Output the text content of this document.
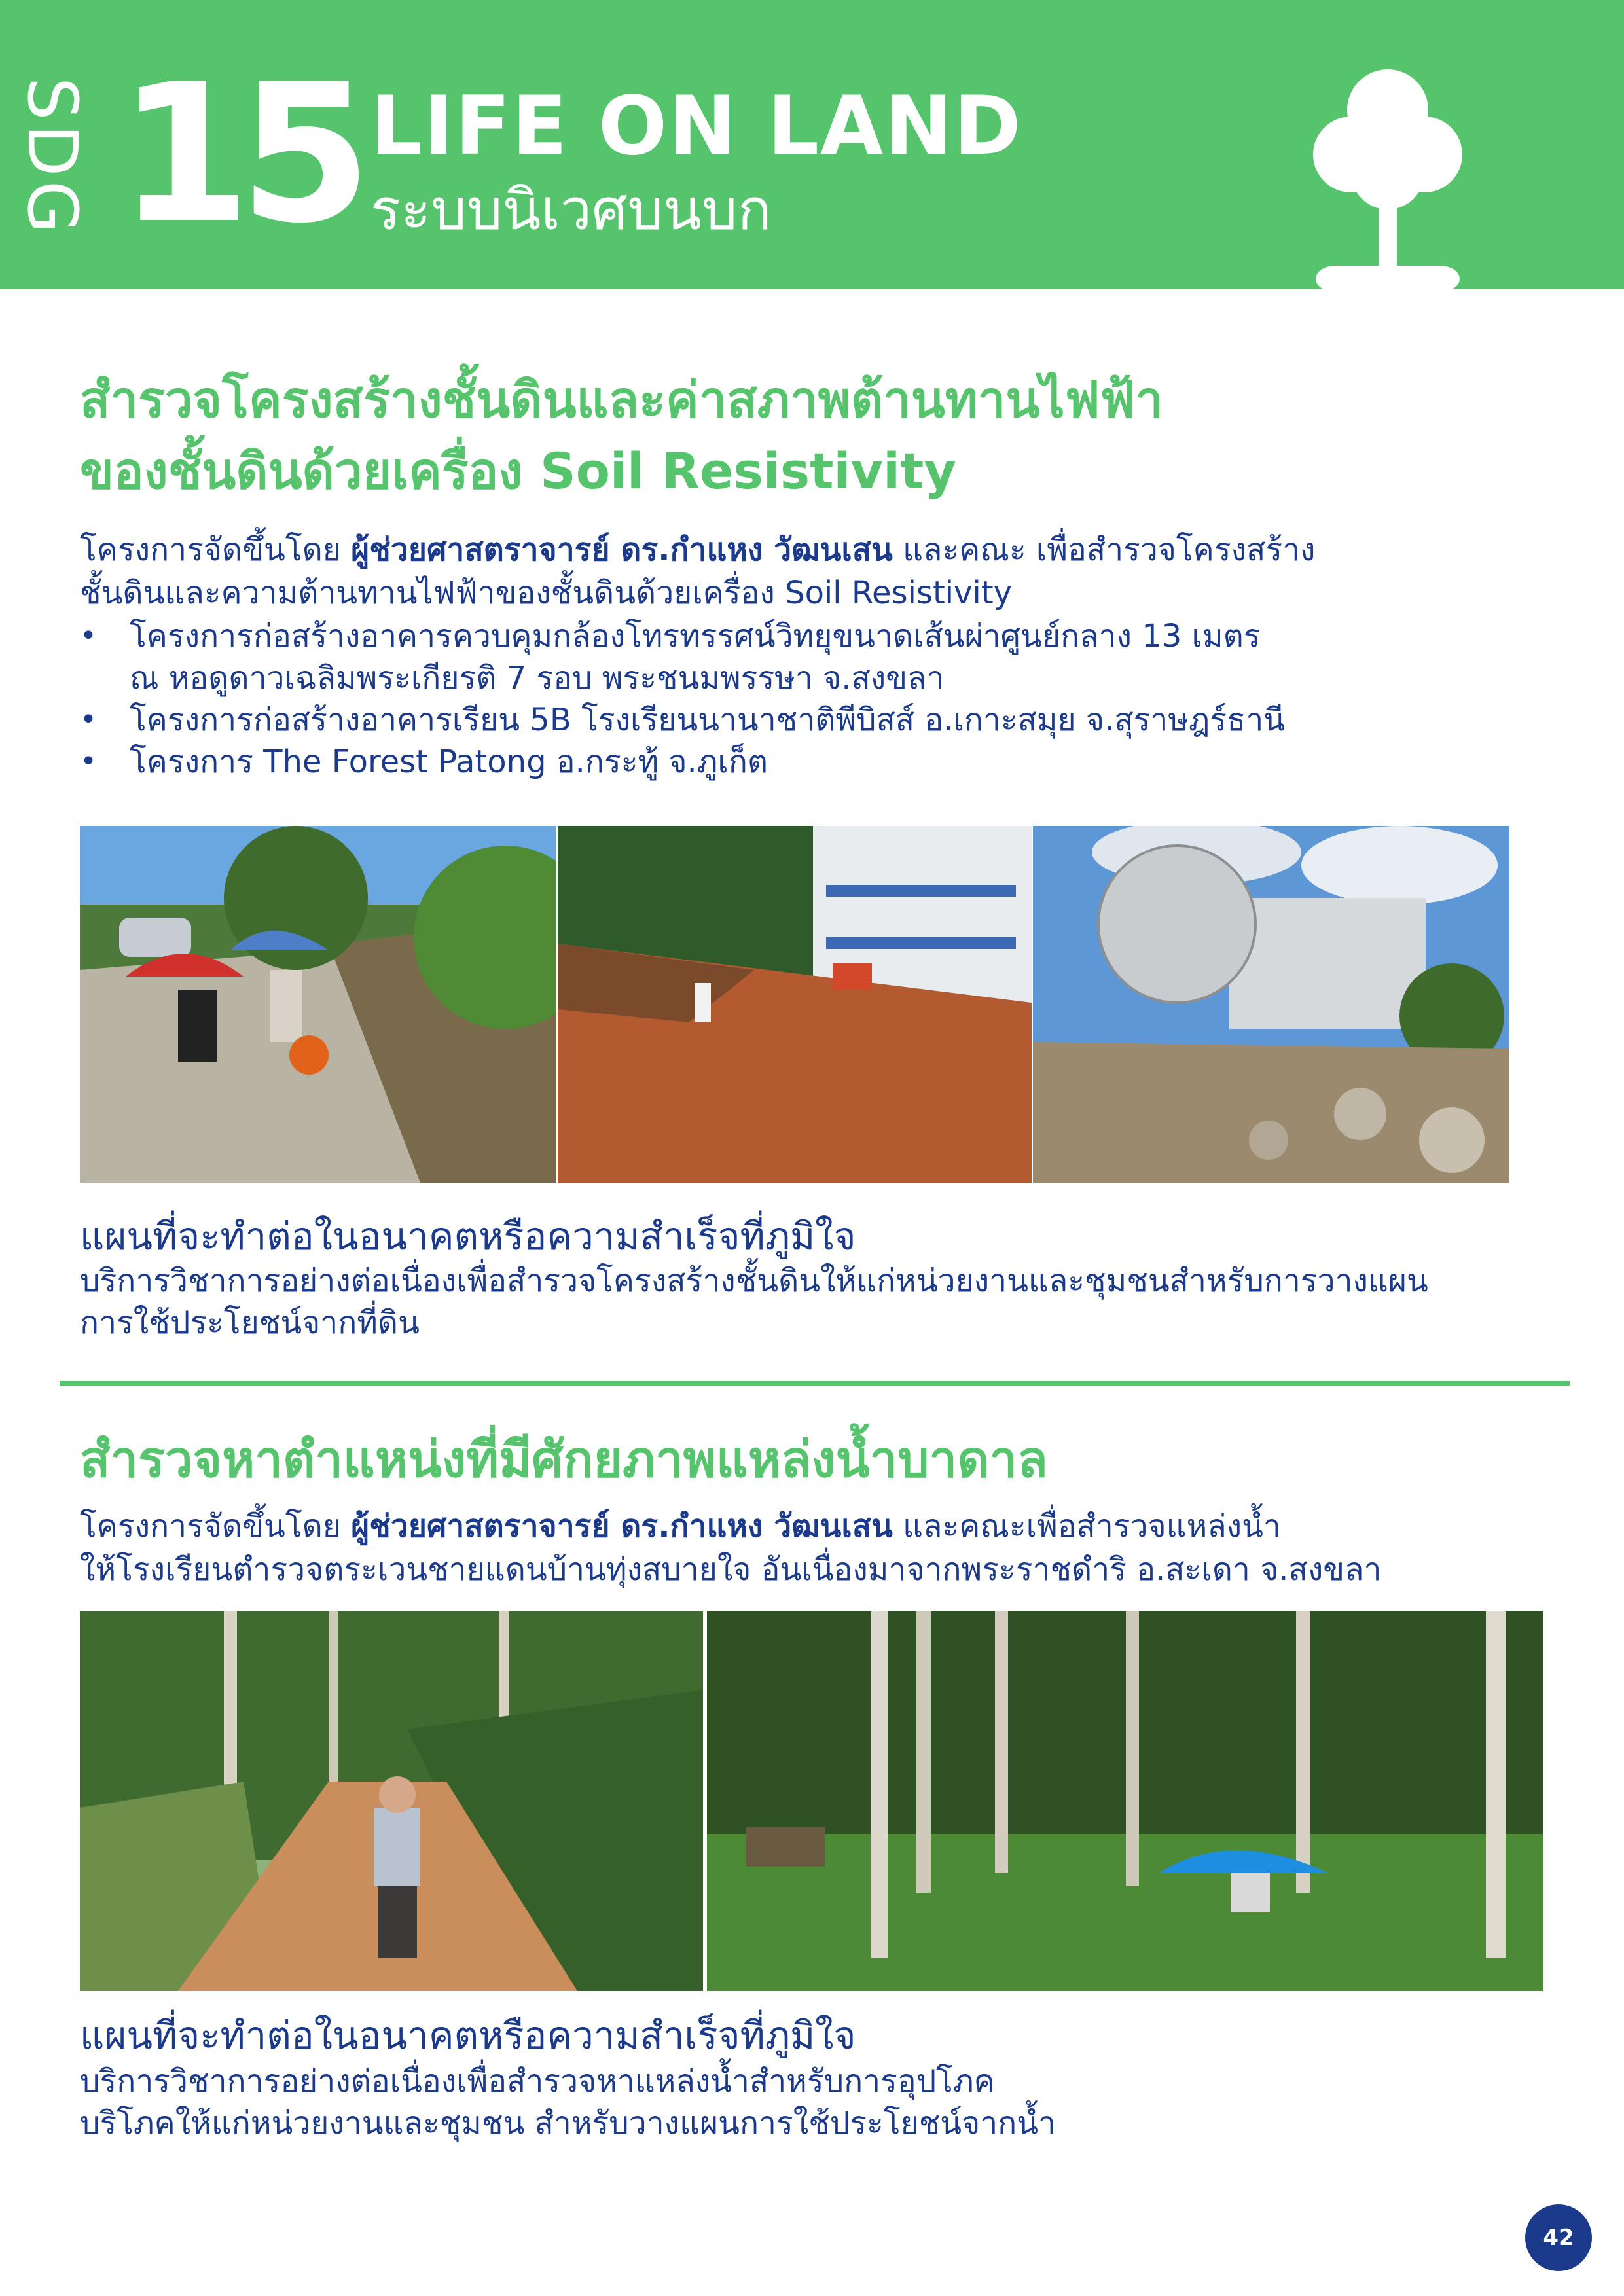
SDG 15 LIFE ON LAND
ระบบนิเวศบนบก
สำรวจโครงสร้างชั้นดินและค่าสภาพต้านทานไฟฟ้า
ของชั้นดินด้วยเครื่อง Soil Resistivity
โครงการจัดขึ้นโดย ผู้ช่วยศาสตราจารย์ ดร.กำแหง วัฒนเสน และคณะ เพื่อสำรวจโครงสร้าง
ชั้นดินและความต้านทานไฟฟ้าของชั้นดินด้วยเครื่อง Soil Resistivity
• โครงการก่อสร้างอาคารควบคุมกล้องโทรทรรศน์วิทยุขนาดเส้นผ่าศูนย์กลาง 13 เมตร
ณ หอดูดาวเฉลิมพระเกียรติ 7 รอบ พระชนมพรรษา จ.สงขลา
• โครงการก่อสร้างอาคารเรียน 5B โรงเรียนนานาชาติพีบิสส์ อ.เกาะสมุย จ.สุราษฎร์ธานี
• โครงการ The Forest Patong อ.กระทู้ จ.ภูเก็ต
แผนที่จะทำต่อในอนาคตหรือความสำเร็จที่ภูมิใจ
บริการวิชาการอย่างต่อเนื่องเพื่อสำรวจโครงสร้างชั้นดินให้แก่หน่วยงานและชุมชนสำหรับการวางแผน
การใช้ประโยชน์จากที่ดิน
สำรวจหาตำแหน่งที่มีศักยภาพแหล่งน้ำบาดาล
โครงการจัดขึ้นโดย ผู้ช่วยศาสตราจารย์ ดร.กำแหง วัฒนเสน และคณะเพื่อสำรวจแหล่งน้ำ
ให้โรงเรียนตำรวจตระเวนชายแดนบ้านทุ่งสบายใจ อันเนื่องมาจากพระราชดำริ อ.สะเดา จ.สงขลา
แผนที่จะทำต่อในอนาคตหรือความสำเร็จที่ภูมิใจ
บริการวิชาการอย่างต่อเนื่องเพื่อสำรวจหาแหล่งน้ำสำหรับการอุปโภค
บริโภคให้แก่หน่วยงานและชุมชน สำหรับวางแผนการใช้ประโยชน์จากน้ำ
42
